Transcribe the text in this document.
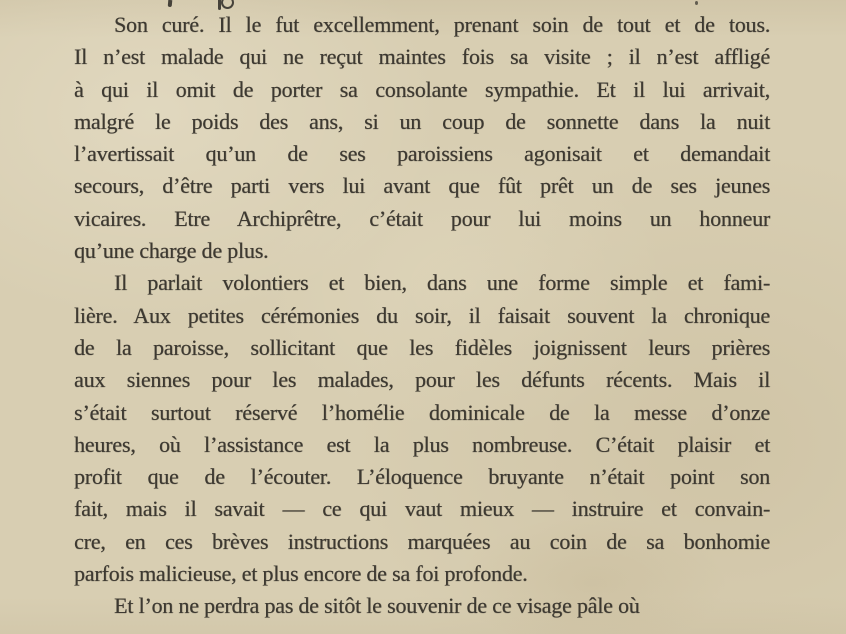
Son curé. Il le fut excellemment, prenant soin de tout et de tous.
Il n’est malade qui ne reçut maintes fois sa visite ; il n’est affligé
à qui il omit de porter sa consolante sympathie. Et il lui arrivait,
malgré le poids des ans, si un coup de sonnette dans la nuit
l’avertissait qu’un de ses paroissiens agonisait et demandait
secours, d’être parti vers lui avant que fût prêt un de ses jeunes
vicaires. Etre Archiprêtre, c’était pour lui moins un honneur
qu’une charge de plus.

Il parlait volontiers et bien, dans une forme simple et fami-
lière. Aux petites cérémonies du soir, il faisait souvent la chronique
de la paroisse, sollicitant que les fidèles joignissent leurs prières
aux siennes pour les malades, pour les défunts récents. Mais il
s’était surtout réservé l’homélie dominicale de la messe d’onze
heures, où l’assistance est la plus nombreuse. C’était plaisir et
profit que de l’écouter. L’éloquence bruyante n’était point son
fait, mais il savait — ce qui vaut mieux — instruire et convain-
cre, en ces brèves instructions marquées au coin de sa bonhomie
parfois malicieuse, et plus encore de sa foi profonde.

Et l’on ne perdra pas de sitôt le souvenir de ce visage pâle où
